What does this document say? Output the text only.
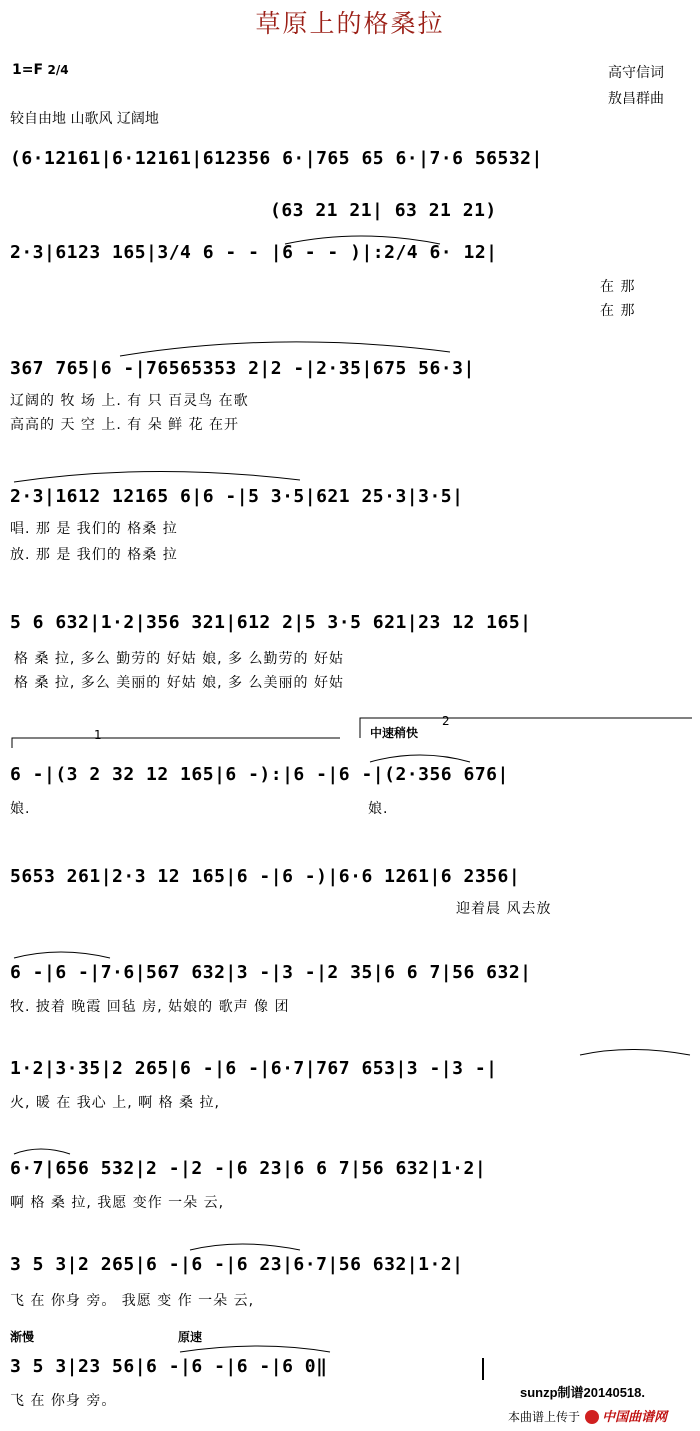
草原上的格桑拉
1=F 2/4	高守信词
敖昌群曲
较自由地 山歌风 辽阔地
(6·12161|6·12161|612356 6·|765 65 6·|7·6 56532|
(63 21 21| 63 21 21)
2·3|6123 165|3/4 6 - - |6 - - )|:2/4 6· 12|
在 那
在 那
367 765|6 -|76565353 2|2 -|2·35|675 56·3|
辽阔的 牧 场 上. 有 只 百灵鸟 在歌
高高的 天 空 上. 有 朵 鲜 花 在开
2·3|1612 12165 6|6 -|5 3·5|621 25·3|3·5|
唱. 那 是 我们的 格桑 拉
放. 那 是 我们的 格桑 拉
5 6 632|1·2|356 321|612 2|5 3·5 621|23 12 165|
格 桑 拉, 多么 勤劳的 好姑 娘, 多 么勤劳的 好姑
格 桑 拉, 多么 美丽的 好姑 娘, 多 么美丽的 好姑
1
2
中速稍快
6 -|(3 2 32 12 165|6 -):|6 -|6 -|(2·356 676|
娘.	娘.
5653 261|2·3 12 165|6 -|6 -)|6·6 1261|6 2356|
迎着晨 风去放
6 -|6 -|7·6|567 632|3 -|3 -|2 35|6 6 7|56 632|
牧. 披着 晚霞 回毡 房, 姑娘的 歌声 像 团
1·2|3·35|2 265|6 -|6 -|6·7|767 653|3 -|3 -|
火, 暖 在 我心 上, 啊 格 桑 拉,
6·7|656 532|2 -|2 -|6 23|6 6 7|56 632|1·2|
啊 格 桑 拉, 我愿 变作 一朵 云,
3 5 3|2 265|6 -|6 -|6 23|6·7|56 632|1·2|
飞 在 你身 旁。 我愿 变 作 一朵 云,
渐慢	原速
3 5 3|23 56|6 -|6 -|6 -|6 0‖
飞 在 你身 旁。
sunzp制谱20140518.
本曲谱上传于 中国曲谱网
